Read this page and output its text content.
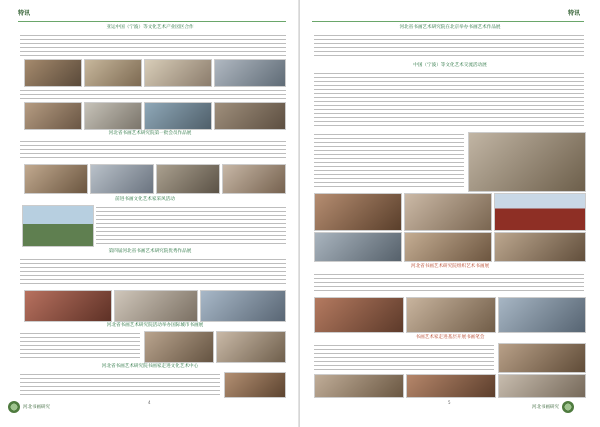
特讯
亚运中国（宁波）等文化艺术产业园区合作
河北省书画艺术研究院第一批会员作品展
前进书画文化艺术家采风活动
第四届河北省书画艺术研究院优秀作品展
河北省书画艺术研究院活动举办国际城市书画展
河北省书画艺术研究院书画家走进文化艺术中心
河北书画研究
4
特讯
河北省书画艺术研究院在北京举办书画艺术作品展
中国（宁波）等文化艺术交流活动展
河北省书画艺术研究院组织艺术书画展
书画艺术家走进基层开展书画笔会
5
河北书画研究
